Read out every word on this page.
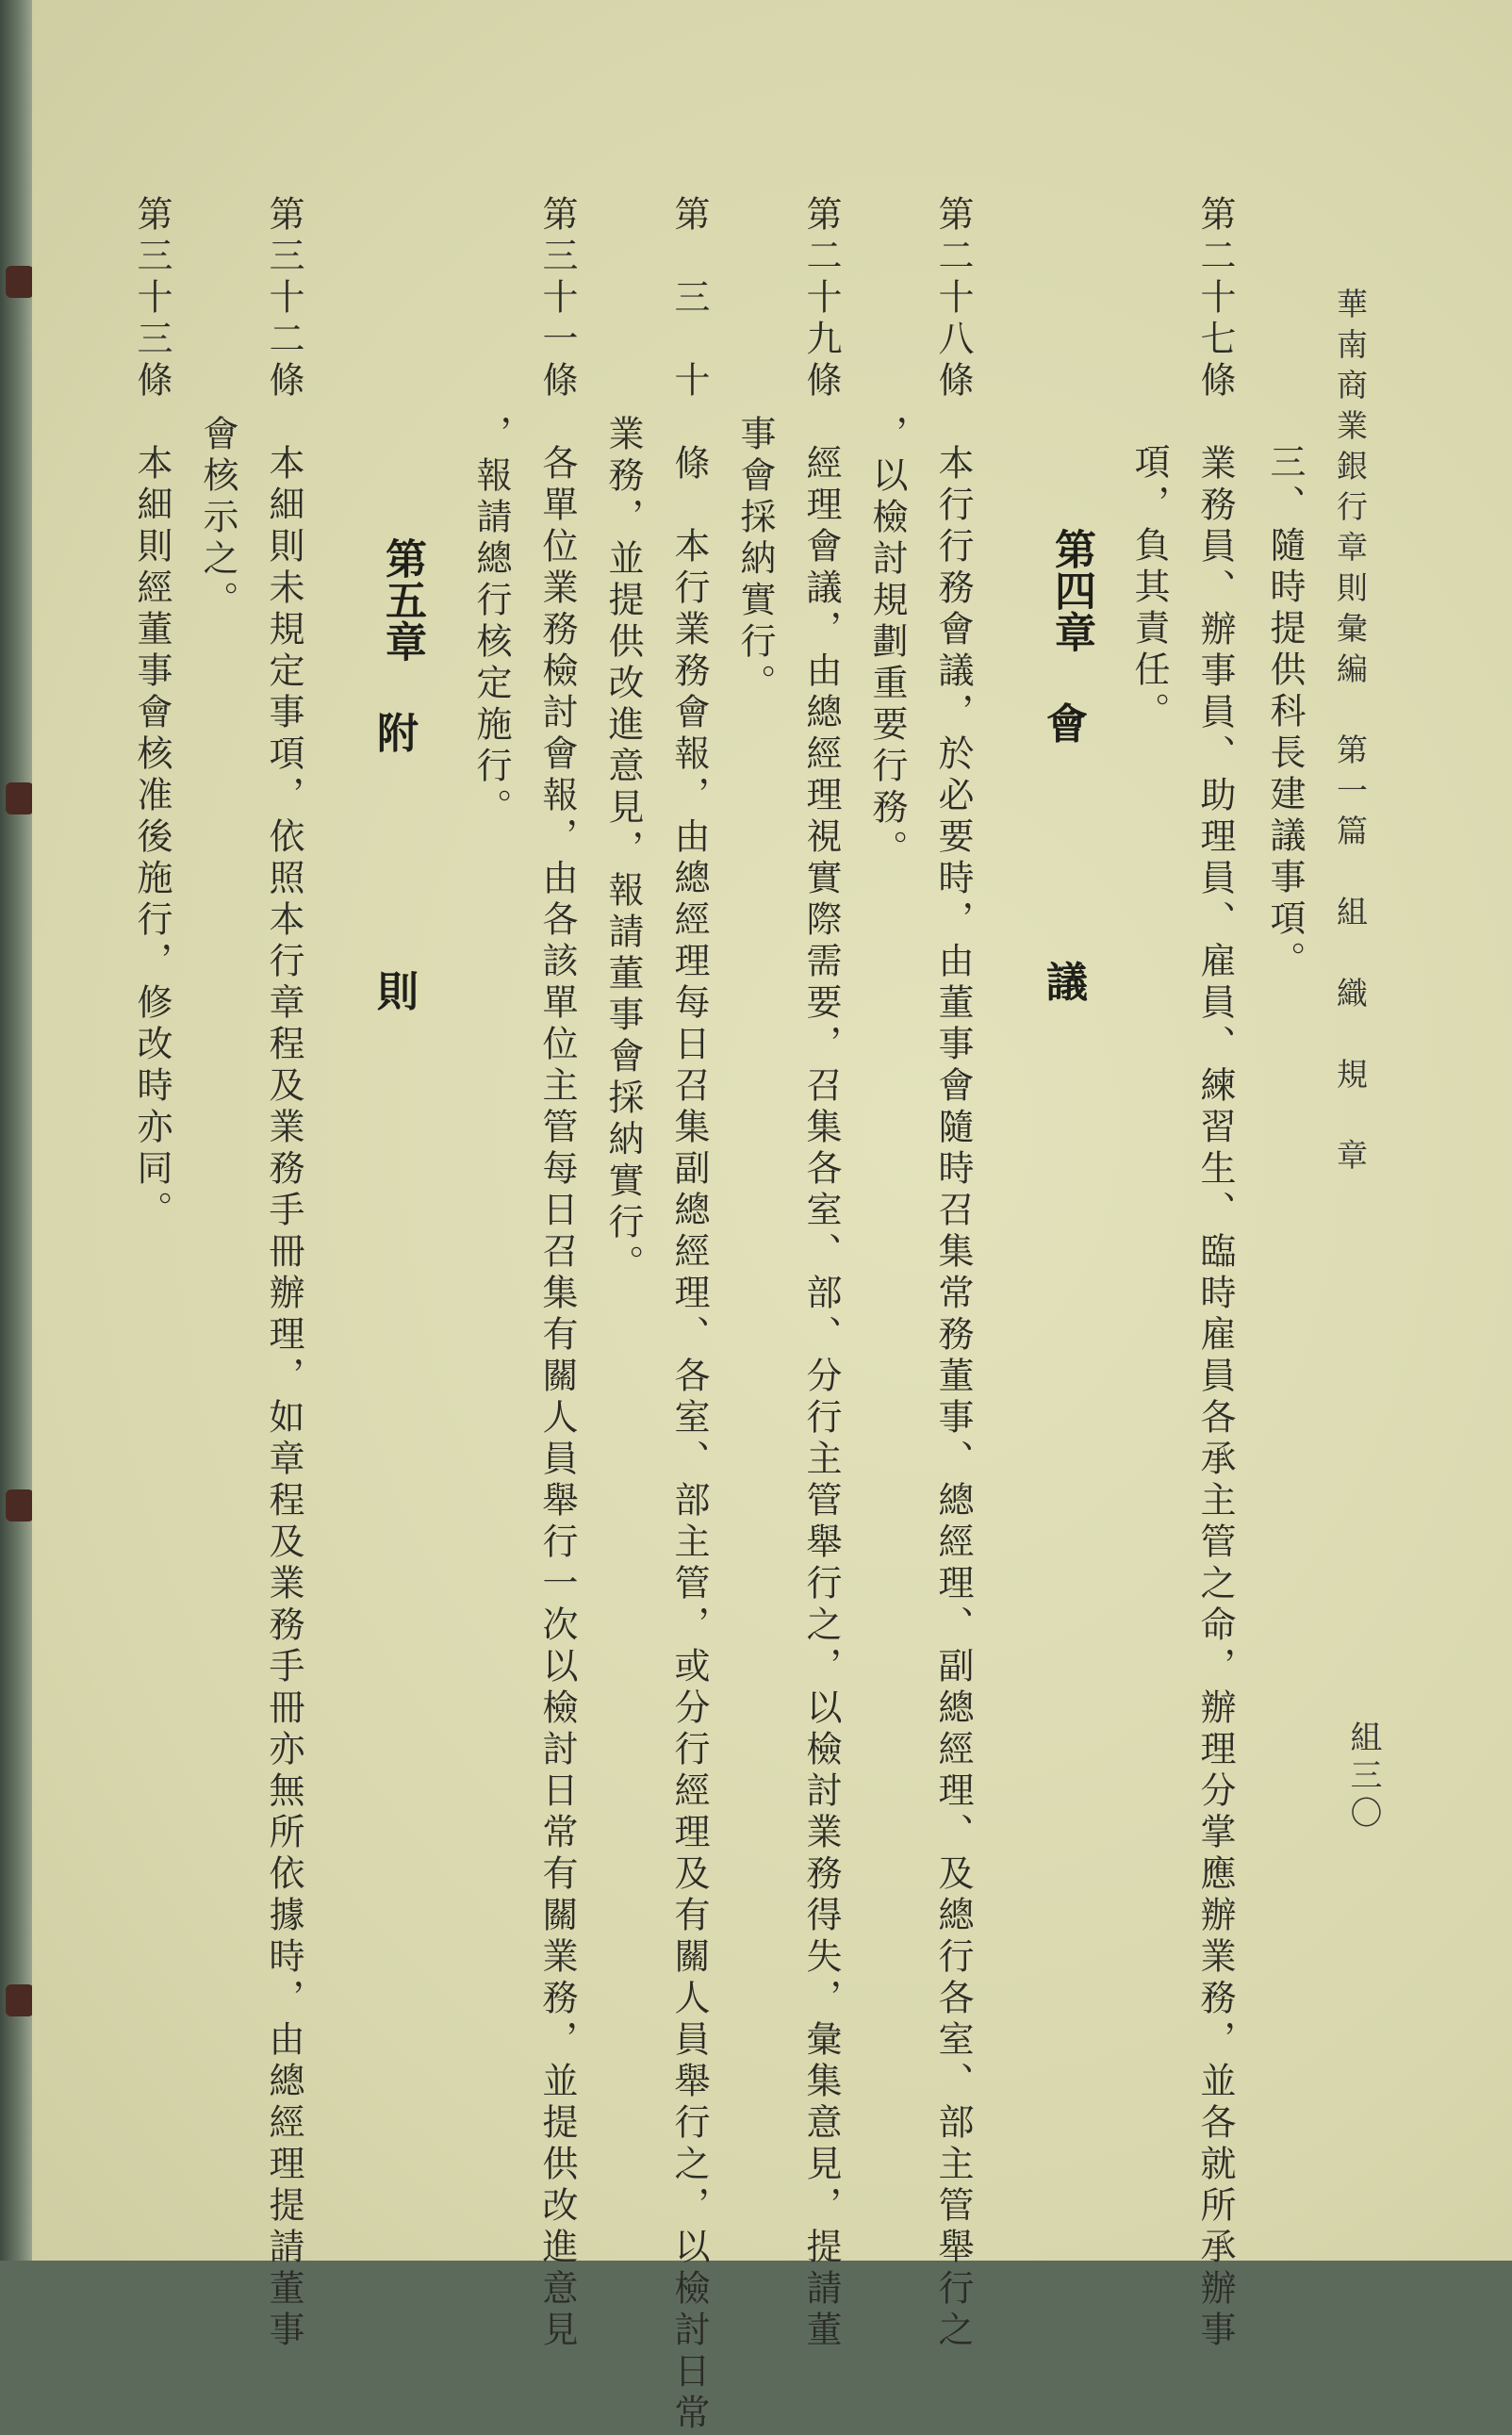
華南商業銀行章則彙編　第一篇　組　織　規　章
組三〇
三、隨時提供科長建議事項。
第二十七條　業務員、辦事員、助理員、雇員、練習生、臨時雇員各承主管之命，辦理分掌應辦業務，並各就所承辦事
項，負其責任。
第四章
會
議
第二十八條　本行行務會議，於必要時，由董事會隨時召集常務董事、總經理、副總經理、及總行各室、部主管舉行之
，以檢討規劃重要行務。
第二十九條　經理會議，由總經理視實際需要，召集各室、部、分行主管舉行之，以檢討業務得失，彙集意見，提請董
事會採納實行。
第　三　十　條　本行業務會報，由總經理每日召集副總經理、各室、部主管，或分行經理及有關人員舉行之，以檢討日常
業務，並提供改進意見，報請董事會採納實行。
第三十一條　各單位業務檢討會報，由各該單位主管每日召集有關人員舉行一次以檢討日常有關業務，並提供改進意見
，報請總行核定施行。
第五章
附
則
第三十二條　本細則未規定事項，依照本行章程及業務手冊辦理，如章程及業務手冊亦無所依據時，由總經理提請董事
會核示之。
第三十三條　本細則經董事會核准後施行，修改時亦同。
